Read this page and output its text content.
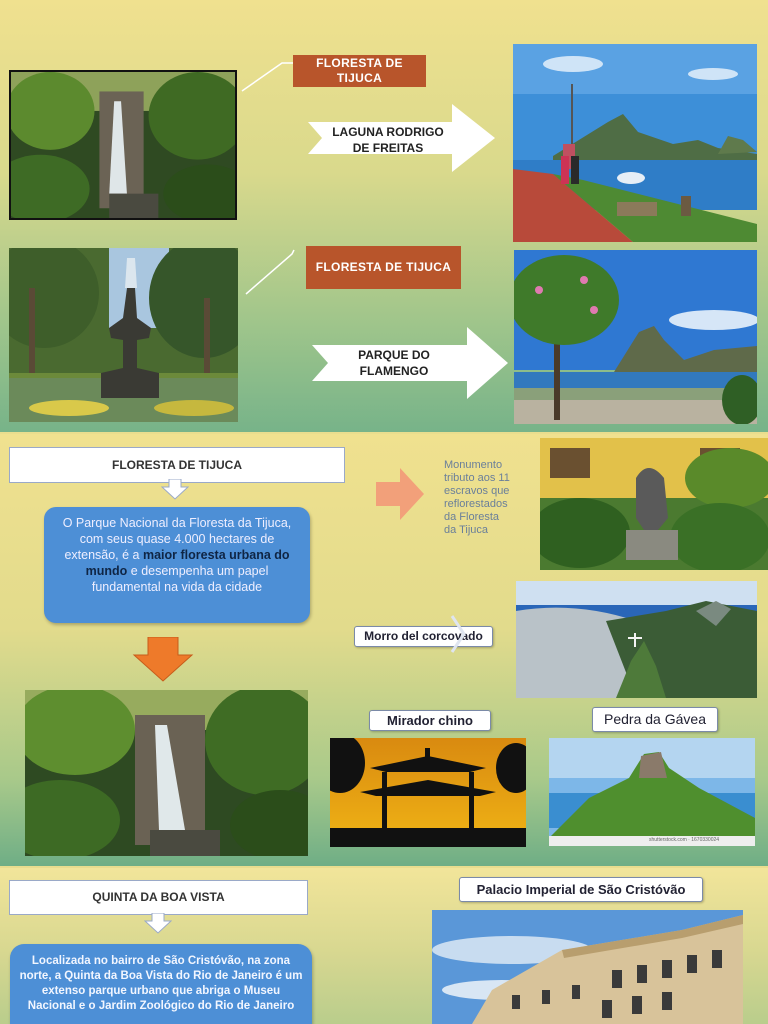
FLORESTA DE TIJUCA
LAGUNA RODRIGO DE FREITAS
FLORESTA DE TIJUCA
PARQUE DO FLAMENGO
FLORESTA DE TIJUCA
O Parque Nacional da Floresta da Tijuca, com seus quase 4.000 hectares de extensão, é a maior floresta urbana do mundo e desempenha um papel fundamental na vida da cidade
Monumento
tributo aos 11
escravos que
reflorestados
da Floresta
da Tijuca
Morro del corcovado
Mirador chino	Pedra da Gávea
shutterstock.com · 1670330024
QUINTA DA BOA VISTA
Localizada no bairro de São Cristóvão, na zona norte, a Quinta da Boa Vista do Rio de Janeiro é um extenso parque urbano que abriga o Museu Nacional e o Jardim Zoológico do Rio de Janeiro
Palacio Imperial de São Cristóvão
